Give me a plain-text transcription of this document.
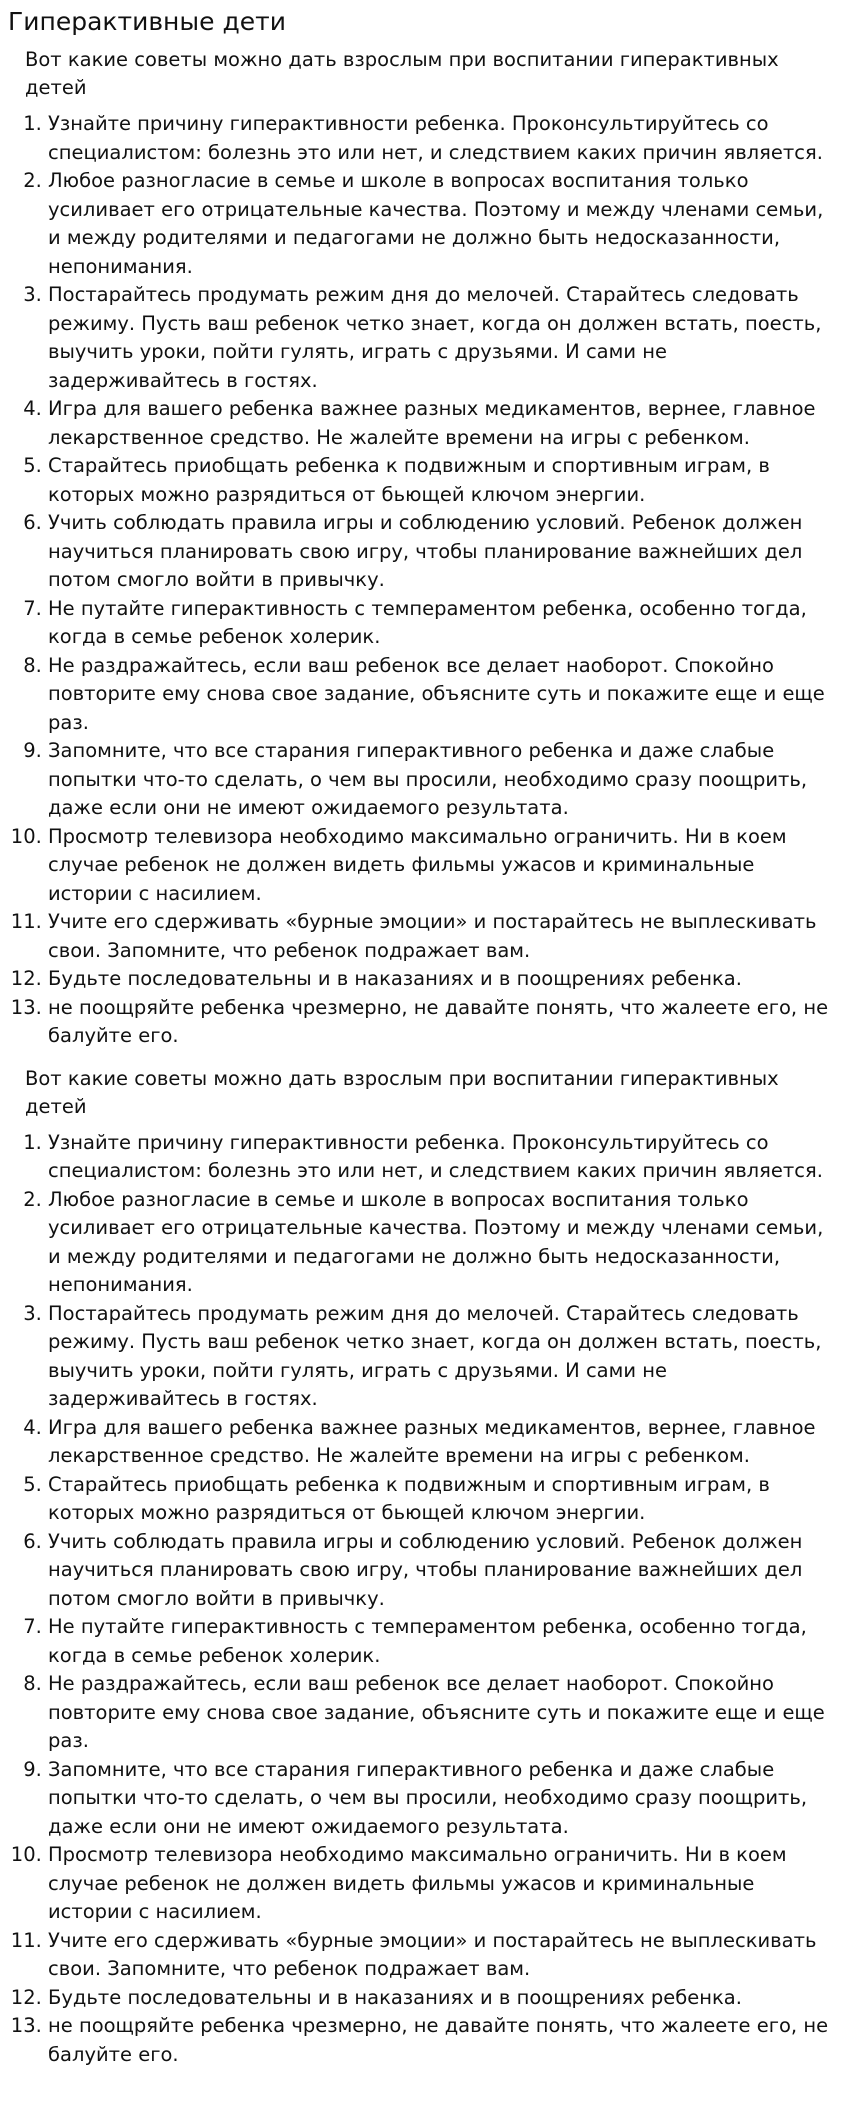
Гиперактивные дети

Вот какие советы можно дать взрослым при воспитании гиперактивных детей

1. Узнайте причину гиперактивности ребенка. Проконсультируйтесь со специалистом: болезнь это или нет, и следствием каких причин является.
2. Любое разногласие в семье и школе в вопросах воспитания только усиливает его отрицательные качества. Поэтому и между членами семьи, и между родителями и педагогами не должно быть недосказанности, непонимания.
3. Постарайтесь продумать режим дня до мелочей. Старайтесь следовать режиму. Пусть ваш ребенок четко знает, когда он должен встать, поесть, выучить уроки, пойти гулять, играть с друзьями. И сами не задерживайтесь в гостях.
4. Игра для вашего ребенка важнее разных медикаментов, вернее, главное лекарственное средство. Не жалейте времени на игры с ребенком.
5. Старайтесь приобщать ребенка к подвижным и спортивным играм, в которых можно разрядиться от бьющей ключом энергии.
6. Учить соблюдать правила игры и соблюдению условий. Ребенок должен научиться планировать свою игру, чтобы планирование важнейших дел потом смогло войти в привычку.
7. Не путайте гиперактивность с темпераментом ребенка, особенно тогда, когда в семье ребенок холерик.
8. Не раздражайтесь, если ваш ребенок все делает наоборот. Спокойно повторите ему снова свое задание, объясните суть и покажите еще и еще раз.
9. Запомните, что все старания гиперактивного ребенка и даже слабые попытки что-то сделать, о чем вы просили, необходимо сразу поощрить, даже если они не имеют ожидаемого результата.
10. Просмотр телевизора необходимо максимально ограничить. Ни в коем случае ребенок не должен видеть фильмы ужасов и криминальные истории с насилием.
11. Учите его сдерживать «бурные эмоции» и постарайтесь не выплескивать свои. Запомните, что ребенок подражает вам.
12. Будьте последовательны и в наказаниях и в поощрениях ребенка.
13. не поощряйте ребенка чрезмерно, не давайте понять, что жалеете его, не балуйте его.

Вот какие советы можно дать взрослым при воспитании гиперактивных детей

1. Узнайте причину гиперактивности ребенка. Проконсультируйтесь со специалистом: болезнь это или нет, и следствием каких причин является.
2. Любое разногласие в семье и школе в вопросах воспитания только усиливает его отрицательные качества. Поэтому и между членами семьи, и между родителями и педагогами не должно быть недосказанности, непонимания.
3. Постарайтесь продумать режим дня до мелочей. Старайтесь следовать режиму. Пусть ваш ребенок четко знает, когда он должен встать, поесть, выучить уроки, пойти гулять, играть с друзьями. И сами не задерживайтесь в гостях.
4. Игра для вашего ребенка важнее разных медикаментов, вернее, главное лекарственное средство. Не жалейте времени на игры с ребенком.
5. Старайтесь приобщать ребенка к подвижным и спортивным играм, в которых можно разрядиться от бьющей ключом энергии.
6. Учить соблюдать правила игры и соблюдению условий. Ребенок должен научиться планировать свою игру, чтобы планирование важнейших дел потом смогло войти в привычку.
7. Не путайте гиперактивность с темпераментом ребенка, особенно тогда, когда в семье ребенок холерик.
8. Не раздражайтесь, если ваш ребенок все делает наоборот. Спокойно повторите ему снова свое задание, объясните суть и покажите еще и еще раз.
9. Запомните, что все старания гиперактивного ребенка и даже слабые попытки что-то сделать, о чем вы просили, необходимо сразу поощрить, даже если они не имеют ожидаемого результата.
10. Просмотр телевизора необходимо максимально ограничить. Ни в коем случае ребенок не должен видеть фильмы ужасов и криминальные истории с насилием.
11. Учите его сдерживать «бурные эмоции» и постарайтесь не выплескивать свои. Запомните, что ребенок подражает вам.
12. Будьте последовательны и в наказаниях и в поощрениях ребенка.
13. не поощряйте ребенка чрезмерно, не давайте понять, что жалеете его, не балуйте его.
